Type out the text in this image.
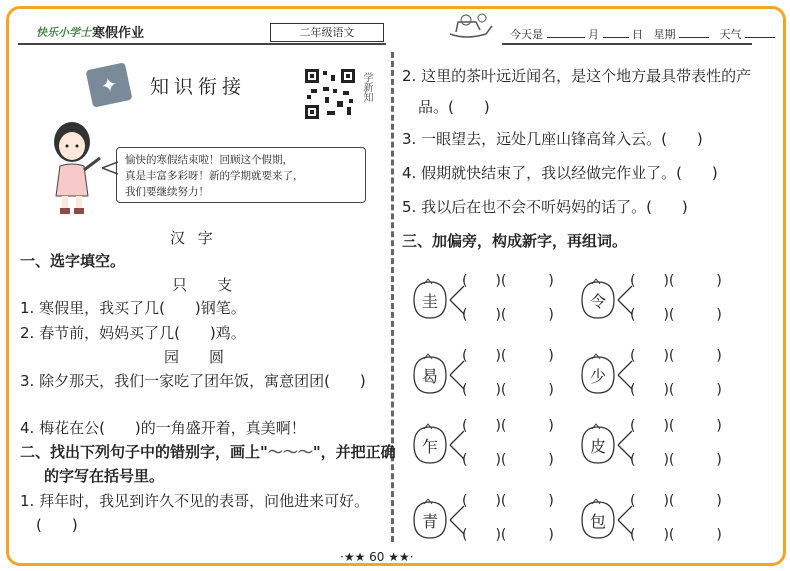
快乐小学士 寒假作业	二年级语文	今天是	月	日 星期	天气
✦	知识衔接	学新知
愉快的寒假结束啦！回顾这个假期，
真是丰富多彩呀！新的学期就要来了，
我们要继续努力！
汉 字
一、选字填空。
只　　支
1. 寒假里，我买了几(　　)钢笔。
2. 春节前，妈妈买了几(　　)鸡。
园　　圆
3. 除夕那天，我们一家吃了团年饭，寓意团团(　　)
4. 梅花在公(　　)的一角盛开着，真美啊！
二、找出下列句子中的错别字，画上"～～～"，并把正确
的字写在括号里。
1. 拜年时，我见到许久不见的表哥，问他进来可好。
(　　)
2. 这里的茶叶远近闻名，是这个地方最具带表性的产
品。(　　)
3. 一眼望去，远处几座山锋高耸入云。(　　)
4. 假期就快结束了，我以经做完作业了。(　　)
5. 我以后在也不会不听妈妈的话了。(　　)
三、加偏旁，构成新字，再组词。
圭
(　　)(　　　)
(　　)(　　　)
曷
(　　)(　　　)
(　　)(　　　)
乍
(　　)(　　　)
(　　)(　　　)
青
(　　)(　　　)
(　　)(　　　)
令
(　　)(　　　)
(　　)(　　　)
少
(　　)(　　　)
(　　)(　　　)
皮
(　　)(　　　)
(　　)(　　　)
包
(　　)(　　　)
(　　)(　　　)
·★★ 60 ★★·
